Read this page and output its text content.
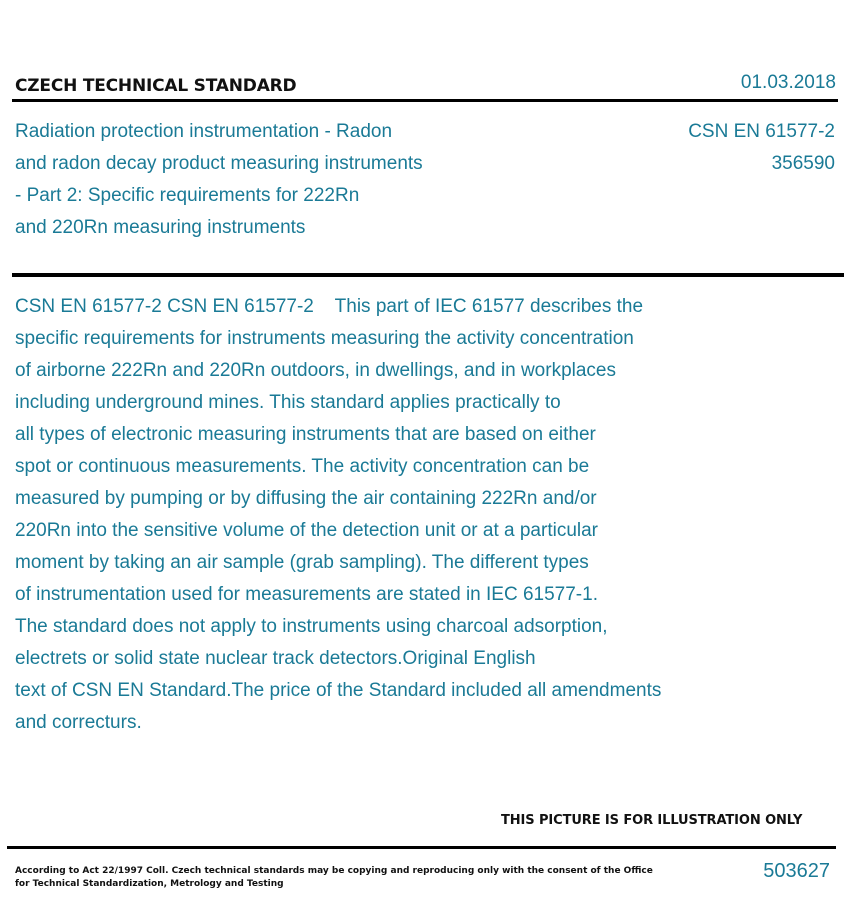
CZECH TECHNICAL STANDARD	01.03.2018
Radiation protection instrumentation - Radon
and radon decay product measuring instruments
- Part 2: Specific requirements for 222Rn
and 220Rn measuring instruments
CSN EN 61577-2
356590
CSN EN 61577-2 CSN EN 61577-2    This part of IEC 61577 describes the
specific requirements for instruments measuring the activity concentration
of airborne 222Rn and 220Rn outdoors, in dwellings, and in workplaces
including underground mines. This standard applies practically to
all types of electronic measuring instruments that are based on either
spot or continuous measurements. The activity concentration can be
measured by pumping or by diffusing the air containing 222Rn and/or
220Rn into the sensitive volume of the detection unit or at a particular
moment by taking an air sample (grab sampling). The different types
of instrumentation used for measurements are stated in IEC 61577-1.
The standard does not apply to instruments using charcoal adsorption,
electrets or solid state nuclear track detectors.Original English
text of CSN EN Standard.The price of the Standard included all amendments
and correcturs.
THIS PICTURE IS FOR ILLUSTRATION ONLY
According to Act 22/1997 Coll. Czech technical standards may be copying and reproducing only with the consent of the Office
for Technical Standardization, Metrology and Testing
503627
